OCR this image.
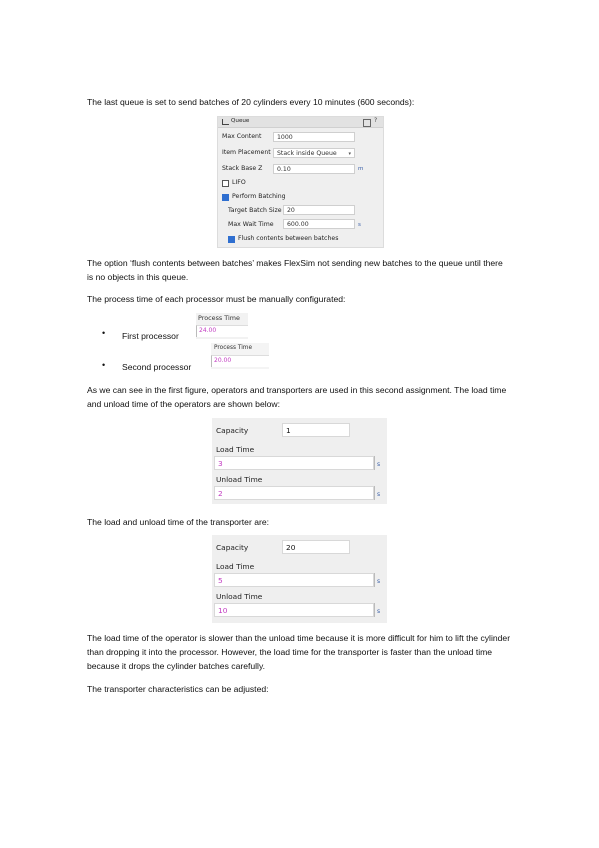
The last queue is set to send batches of 20 cylinders every 10 minutes (600 seconds):
Queue	?
Max Content	1000
Item Placement	Stack inside Queue ▾
Stack Base Z	0.10	m
LIFO
Perform Batching
Target Batch Size 20
Max Wait Time	600.00	s
Flush contents between batches
The option ‘flush contents between batches’ makes FlexSim not sending new batches to the queue until there is no objects in this queue.
The process time of each processor must be manually configurated:
• First processor
Process Time
24.00
• Second processor
Process Time
20.00
As we can see in the first figure, operators and transporters are used in this second assignment. The load time and unload time of the operators are shown below:
Capacity	1
Load Time
3	s
Unload Time
2	s
The load and unload time of the transporter are:
Capacity	20
Load Time
5	s
Unload Time
10	s
The load time of the operator is slower than the unload time because it is more difficult for him to lift the cylinder than dropping it into the processor. However, the load time for the transporter is faster than the unload time because it drops the cylinder batches carefully.
The transporter characteristics can be adjusted:
